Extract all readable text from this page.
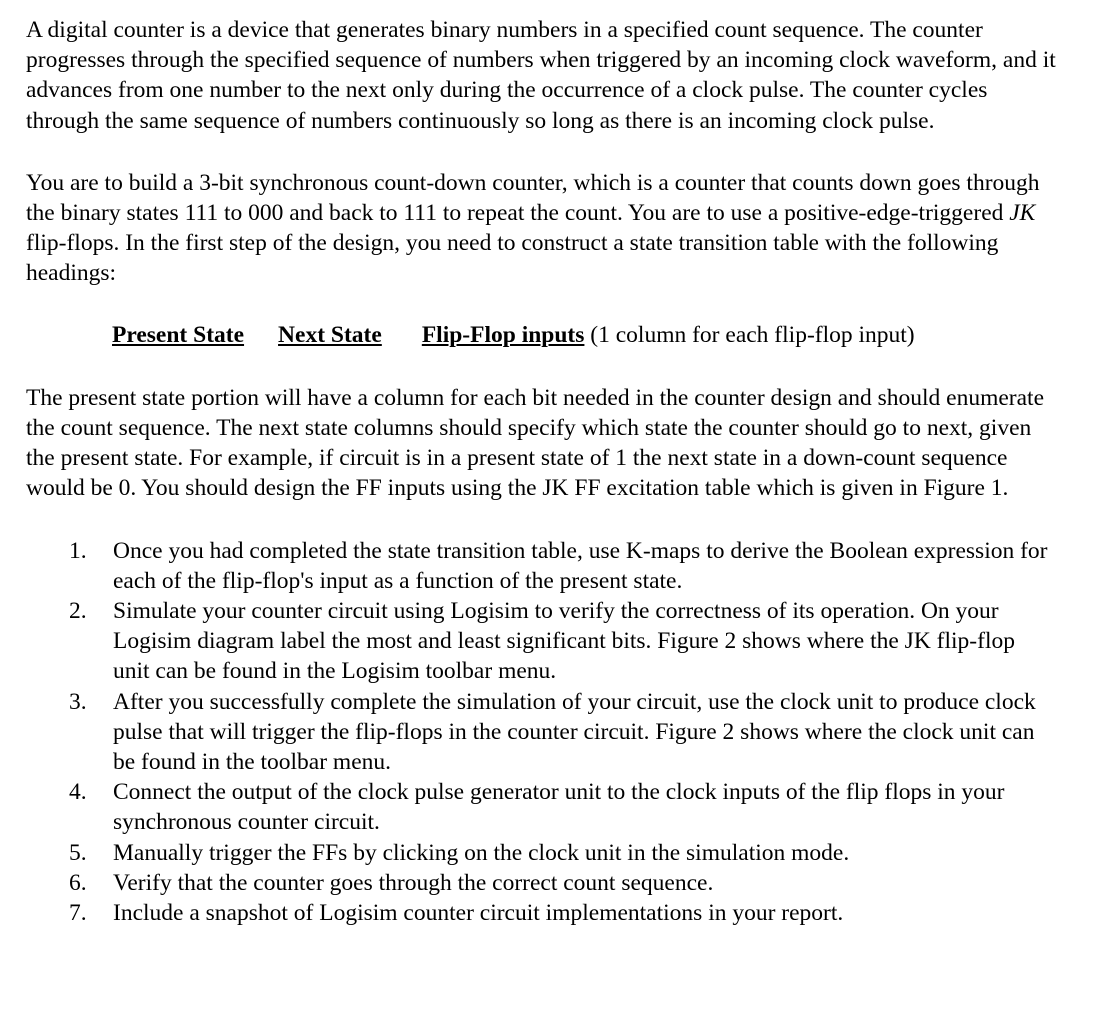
A digital counter is a device that generates binary numbers in a specified count sequence. The counter progresses through the specified sequence of numbers when triggered by an incoming clock waveform, and it advances from one number to the next only during the occurrence of a clock pulse. The counter cycles through the same sequence of numbers continuously so long as there is an incoming clock pulse.

You are to build a 3-bit synchronous count-down counter, which is a counter that counts down goes through the binary states 111 to 000 and back to 111 to repeat the count. You are to use a positive-edge-triggered JK flip-flops. In the first step of the design, you need to construct a state transition table with the following headings:

Present State Next State Flip-Flop inputs (1 column for each flip-flop input)

The present state portion will have a column for each bit needed in the counter design and should enumerate the count sequence. The next state columns should specify which state the counter should go to next, given the present state. For example, if circuit is in a present state of 1 the next state in a down-count sequence would be 0. You should design the FF inputs using the JK FF excitation table which is given in Figure 1.

1. Once you had completed the state transition table, use K-maps to derive the Boolean expression for each of the flip-flop's input as a function of the present state.
2. Simulate your counter circuit using Logisim to verify the correctness of its operation. On your Logisim diagram label the most and least significant bits. Figure 2 shows where the JK flip-flop unit can be found in the Logisim toolbar menu.
3. After you successfully complete the simulation of your circuit, use the clock unit to produce clock pulse that will trigger the flip-flops in the counter circuit. Figure 2 shows where the clock unit can be found in the toolbar menu.
4. Connect the output of the clock pulse generator unit to the clock inputs of the flip flops in your synchronous counter circuit.
5. Manually trigger the FFs by clicking on the clock unit in the simulation mode.
6. Verify that the counter goes through the correct count sequence.
7. Include a snapshot of Logisim counter circuit implementations in your report.
